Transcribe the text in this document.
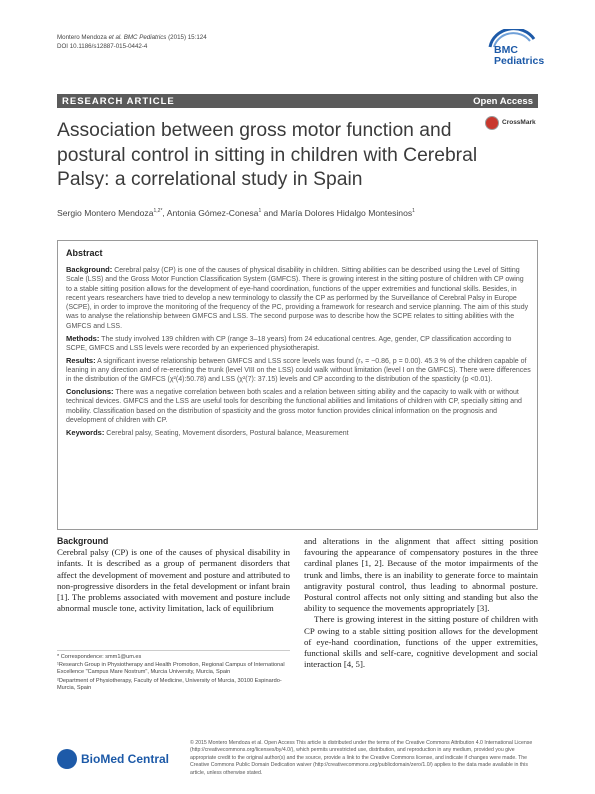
Montero Mendoza et al. BMC Pediatrics (2015) 15:124
DOI 10.1186/s12887-015-0442-4	BMC
Pediatrics
RESEARCH ARTICLE	Open Access
Association between gross motor function and postural control in sitting in children with Cerebral Palsy: a correlational study in Spain
CrossMark
Sergio Montero Mendoza$^{1,2*}$, Antonia Gómez-Conesa$^1$ and María Dolores Hidalgo Montesinos$^1$
Abstract

Background: Cerebral palsy (CP) is one of the causes of physical disability in children. Sitting abilities can be described using the Level of Sitting Scale (LSS) and the Gross Motor Function Classification System (GMFCS). There is growing interest in the sitting posture of children with CP owing to a stable sitting position allows for the development of eye-hand coordination, functions of the upper extremities and functional skills. Besides, in recent years researchers have tried to develop a new terminology to classify the CP as performed by the Surveillance of Cerebral Palsy in Europe (SCPE), in order to improve the monitoring of the frequency of the PC, providing a framework for research and service planning. The aim of this study was to analyse the relationship between GMFCS and LSS. The second purpose was to describe how the SCPE relates to sitting abilities with the GMFCS and LSS.

Methods: The study involved 139 children with CP (range 3–18 years) from 24 educational centres. Age, gender, CP classification according to SCPE, GMFCS and LSS levels were recorded by an experienced physiotherapist.

Results: A significant inverse relationship between GMFCS and LSS score levels was found (rₛ = −0.86, p = 0.00). 45.3 % of the children capable of leaning in any direction and of re-erecting the trunk (level VIII on the LSS) could walk without limitation (level I on the GMFCS). There were differences in the distribution of the GMFCS (χ²(4):50.78) and LSS (χ²(7): 37.15) levels and CP according to the distribution of the spasticity (p <0.01).

Conclusions: There was a negative correlation between both scales and a relation between sitting ability and the capacity to walk with or without technical devices. GMFCS and the LSS are useful tools for describing the functional abilities and limitations of children with CP, specially sitting and mobility. Classification based on the distribution of spasticity and the gross motor function provides clinical information on the prognosis and development of children with CP.

Keywords: Cerebral palsy, Seating, Movement disorders, Postural balance, Measurement

Background

Cerebral palsy (CP) is one of the causes of physical disability in infants. It is described as a group of permanent disorders that affect the development of movement and posture and attributed to non-progressive disorders in the fetal development or infant brain [1]. The problems associated with movement and posture include abnormal muscle tone, activity limitation, lack of equilibrium

and alterations in the alignment that affect sitting position favouring the appearance of compensatory postures in the three cardinal planes [1, 2]. Because of the motor impairments of the trunk and limbs, there is an inability to generate force to maintain antigravity postural control, thus leading to abnormal posture. Postural control affects not only sitting and standing but also the ability to sequence the movements appropriately [3].

There is growing interest in the sitting posture of children with CP owing to a stable sitting position allows for the development of eye-hand coordination, functions of the upper extremities, functional skills and self-care, cognitive development and social interaction [4, 5].

* Correspondence: smm1@um.es

¹Research Group in Physiotherapy and Health Promotion, Regional Campus of International Excellence "Campus Mare Nostrum", Murcia University, Murcia, Spain

²Department of Physiotherapy, Faculty of Medicine, University of Murcia, 30100 Espinardo-Murcia, Spain

BioMed Central
© 2015 Montero Mendoza et al. Open Access This article is distributed under the terms of the Creative Commons Attribution 4.0 International License (http://creativecommons.org/licenses/by/4.0/), which permits unrestricted use, distribution, and reproduction in any medium, provided you give appropriate credit to the original author(s) and the source, provide a link to the Creative Commons license, and indicate if changes were made. The Creative Commons Public Domain Dedication waiver (http://creativecommons.org/publicdomain/zero/1.0/) applies to the data made available in this article, unless otherwise stated.
